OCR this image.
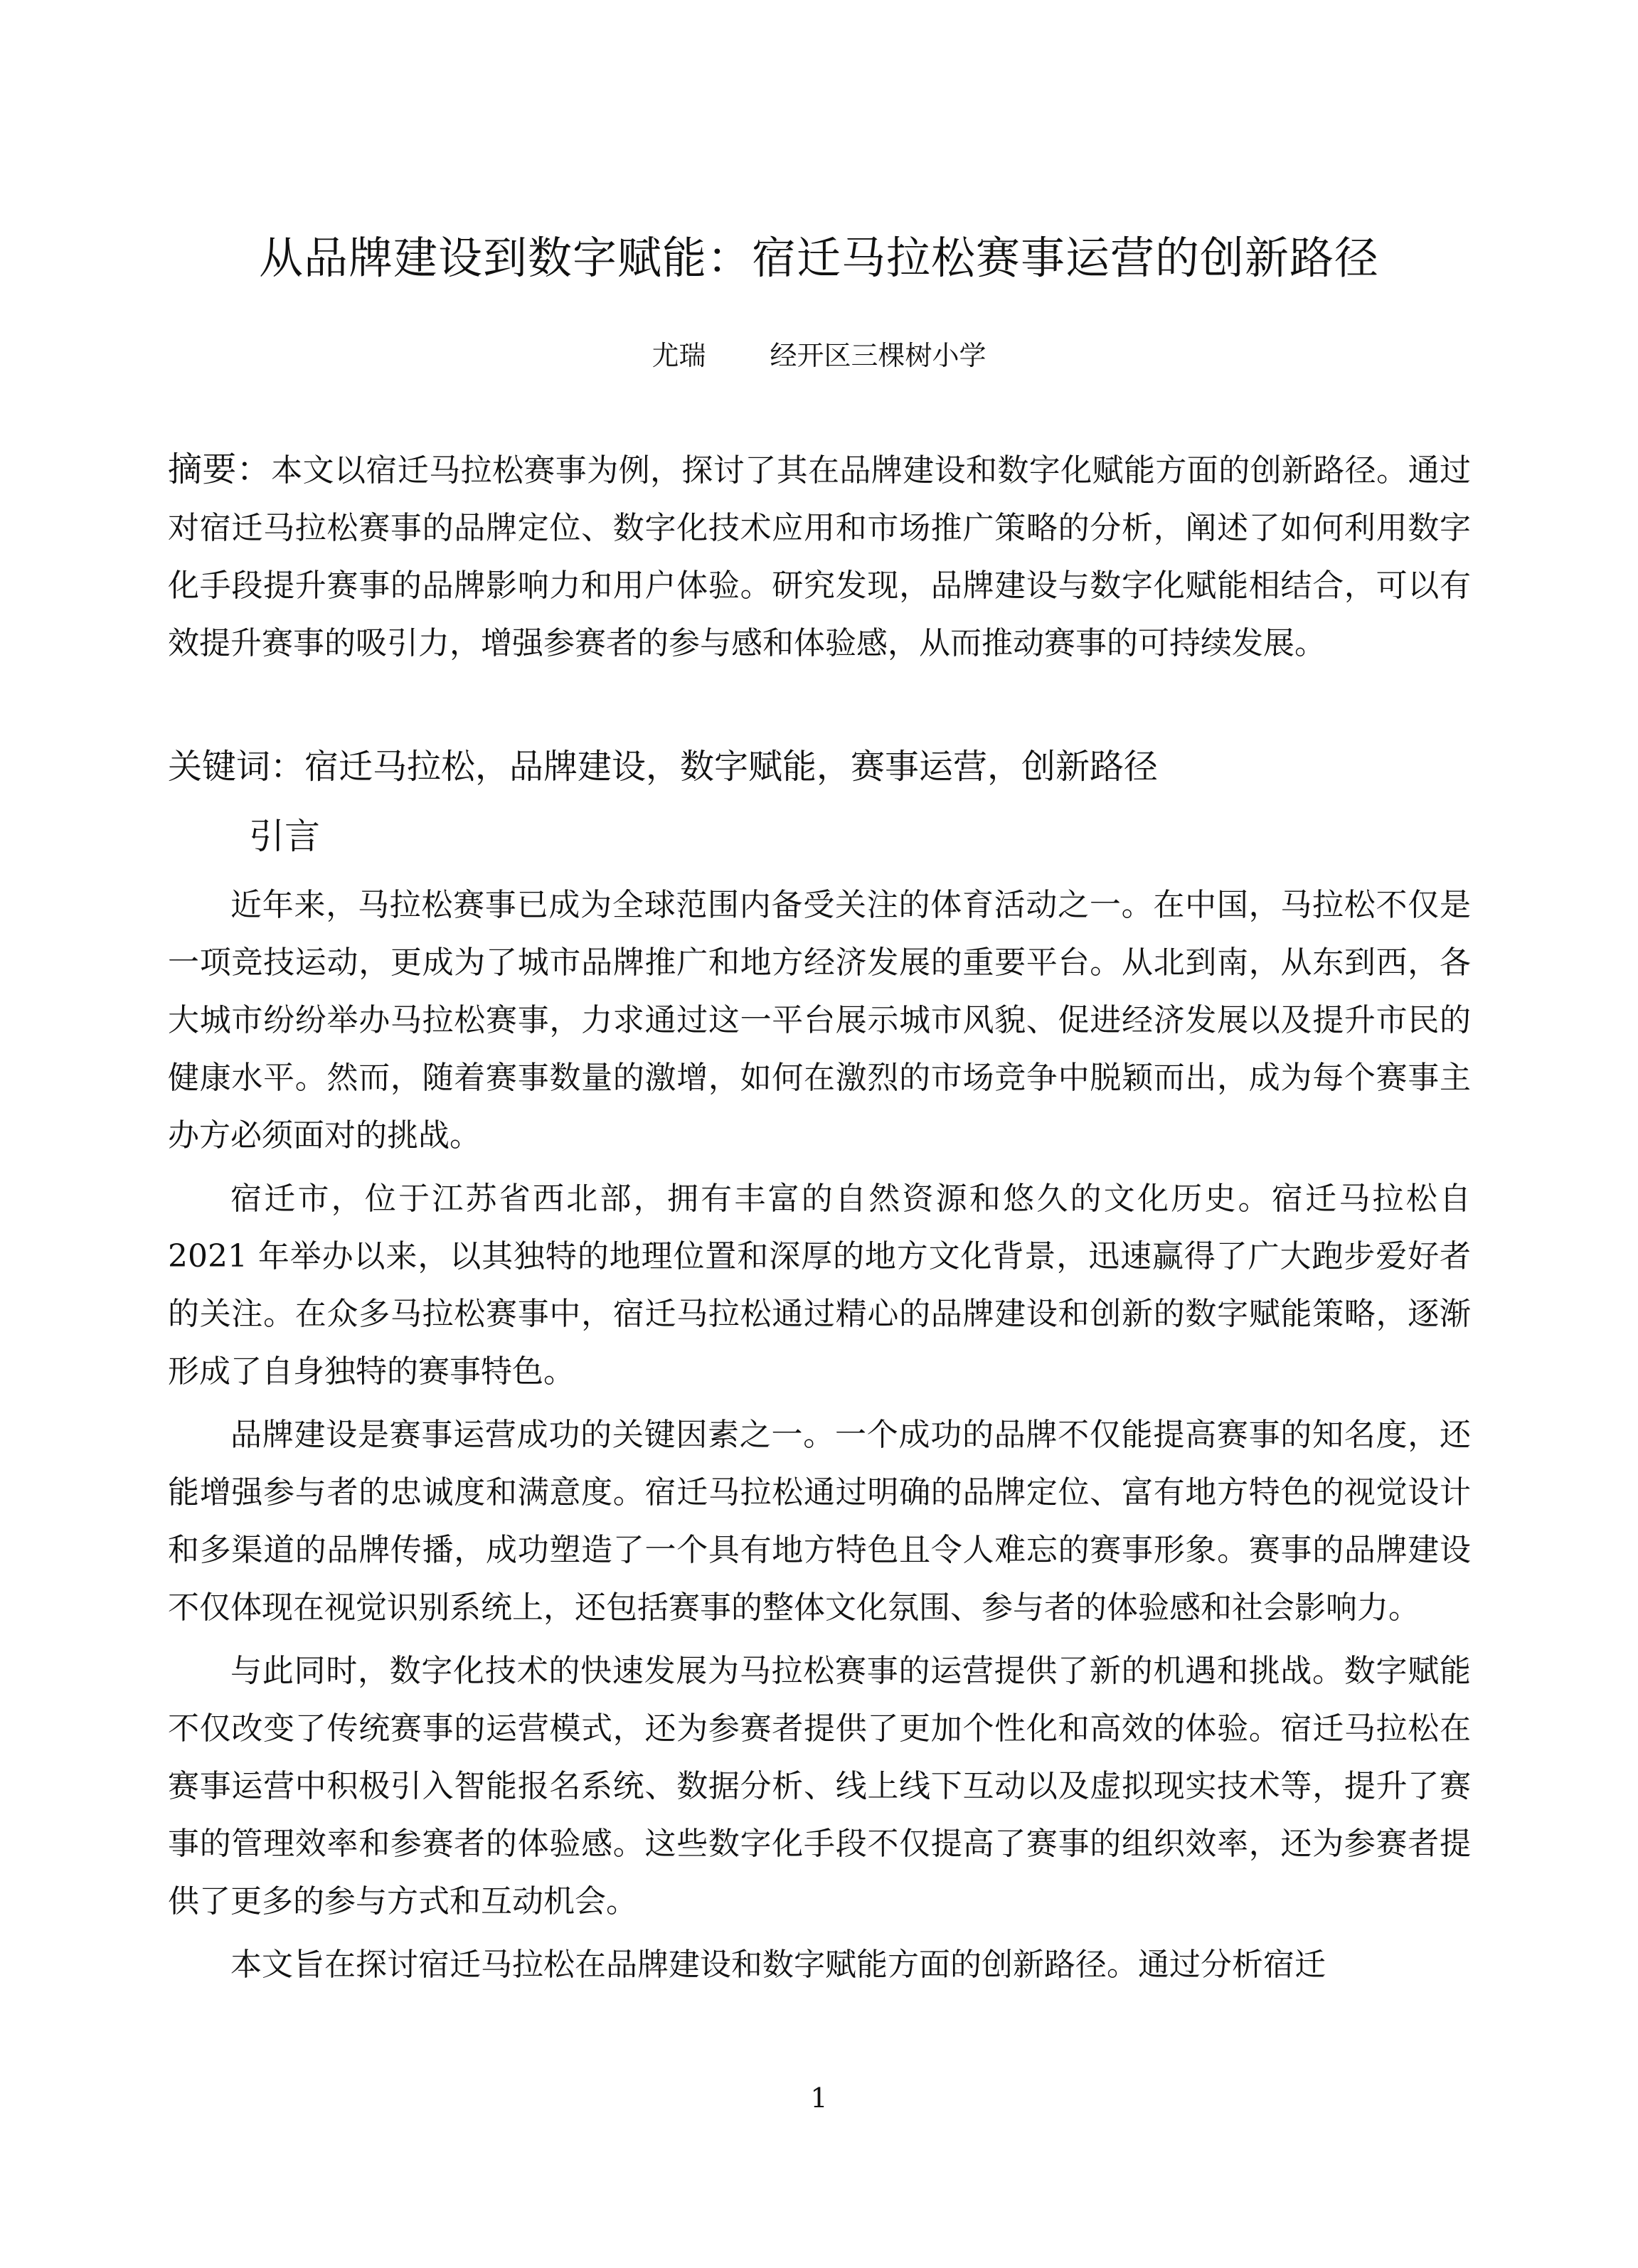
从品牌建设到数字赋能：宿迁马拉松赛事运营的创新路径
尤瑞 经开区三棵树小学
摘要：本文以宿迁马拉松赛事为例，探讨了其在品牌建设和数字化赋能方面的创新路径。通过对宿迁马拉松赛事的品牌定位、数字化技术应用和市场推广策略的分析，阐述了如何利用数字化手段提升赛事的品牌影响力和用户体验。研究发现，品牌建设与数字化赋能相结合，可以有效提升赛事的吸引力，增强参赛者的参与感和体验感，从而推动赛事的可持续发展。
关键词：宿迁马拉松，品牌建设，数字赋能，赛事运营，创新路径
引言

近年来，马拉松赛事已成为全球范围内备受关注的体育活动之一。在中国，马拉松不仅是一项竞技运动，更成为了城市品牌推广和地方经济发展的重要平台。从北到南，从东到西，各大城市纷纷举办马拉松赛事，力求通过这一平台展示城市风貌、促进经济发展以及提升市民的健康水平。然而，随着赛事数量的激增，如何在激烈的市场竞争中脱颖而出，成为每个赛事主办方必须面对的挑战。

宿迁市，位于江苏省西北部，拥有丰富的自然资源和悠久的文化历史。宿迁马拉松自 2021 年举办以来，以其独特的地理位置和深厚的地方文化背景，迅速赢得了广大跑步爱好者的关注。在众多马拉松赛事中，宿迁马拉松通过精心的品牌建设和创新的数字赋能策略，逐渐形成了自身独特的赛事特色。

品牌建设是赛事运营成功的关键因素之一。一个成功的品牌不仅能提高赛事的知名度，还能增强参与者的忠诚度和满意度。宿迁马拉松通过明确的品牌定位、富有地方特色的视觉设计和多渠道的品牌传播，成功塑造了一个具有地方特色且令人难忘的赛事形象。赛事的品牌建设不仅体现在视觉识别系统上，还包括赛事的整体文化氛围、参与者的体验感和社会影响力。

与此同时，数字化技术的快速发展为马拉松赛事的运营提供了新的机遇和挑战。数字赋能不仅改变了传统赛事的运营模式，还为参赛者提供了更加个性化和高效的体验。宿迁马拉松在赛事运营中积极引入智能报名系统、数据分析、线上线下互动以及虚拟现实技术等，提升了赛事的管理效率和参赛者的体验感。这些数字化手段不仅提高了赛事的组织效率，还为参赛者提供了更多的参与方式和互动机会。

本文旨在探讨宿迁马拉松在品牌建设和数字赋能方面的创新路径。通过分析宿迁

1
